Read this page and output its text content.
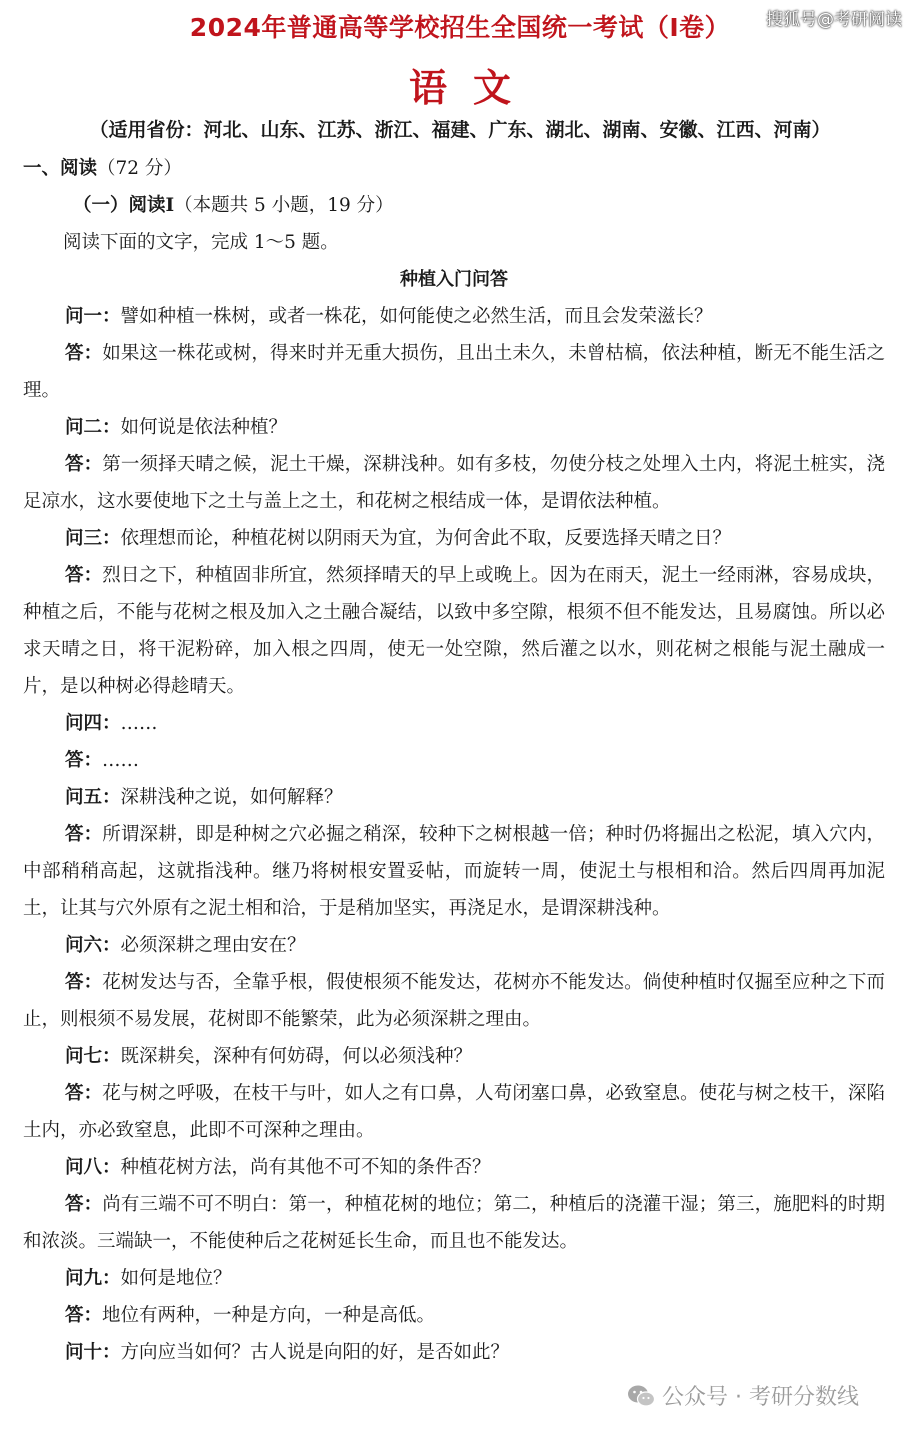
2024年普通高等学校招生全国统一考试（Ⅰ卷）	搜狐号@考研阅读
语文
（适用省份：河北、山东、江苏、浙江、福建、广东、湖北、湖南、安徽、江西、河南）
一、阅读（72 分）
（一）阅读Ⅰ（本题共 5 小题，19 分）
阅读下面的文字，完成 1～5 题。
种植入门问答
问一：譬如种植一株树，或者一株花，如何能使之必然生活，而且会发荣滋长？
答：如果这一株花或树，得来时并无重大损伤，且出土未久，未曾枯槁，依法种植，断无不能生活之理。
问二：如何说是依法种植？
答：第一须择天晴之候，泥土干燥，深耕浅种。如有多枝，勿使分枝之处埋入土内，将泥土桩实，浇足凉水，这水要使地下之土与盖上之土，和花树之根结成一体，是谓依法种植。
问三：依理想而论，种植花树以阴雨天为宜，为何舍此不取，反要选择天晴之日？
答：烈日之下，种植固非所宜，然须择晴天的早上或晚上。因为在雨天，泥土一经雨淋，容易成块，种植之后，不能与花树之根及加入之土融合凝结，以致中多空隙，根须不但不能发达，且易腐蚀。所以必求天晴之日，将干泥粉碎，加入根之四周，使无一处空隙，然后灌之以水，则花树之根能与泥土融成一片，是以种树必得趁晴天。
问四：……
答：……
问五：深耕浅种之说，如何解释？
答：所谓深耕，即是种树之穴必掘之稍深，较种下之树根越一倍；种时仍将掘出之松泥，填入穴内，中部稍稍高起，这就指浅种。继乃将树根安置妥帖，而旋转一周，使泥土与根相和洽。然后四周再加泥土，让其与穴外原有之泥土相和洽，于是稍加坚实，再浇足水，是谓深耕浅种。
问六：必须深耕之理由安在？
答：花树发达与否，全靠乎根，假使根须不能发达，花树亦不能发达。倘使种植时仅掘至应种之下而止，则根须不易发展，花树即不能繁荣，此为必须深耕之理由。
问七：既深耕矣，深种有何妨碍，何以必须浅种？
答：花与树之呼吸，在枝干与叶，如人之有口鼻，人苟闭塞口鼻，必致窒息。使花与树之枝干，深陷土内，亦必致窒息，此即不可深种之理由。
问八：种植花树方法，尚有其他不可不知的条件否？
答：尚有三端不可不明白：第一，种植花树的地位；第二，种植后的浇灌干湿；第三，施肥料的时期和浓淡。三端缺一，不能使种后之花树延长生命，而且也不能发达。
问九：如何是地位？
答：地位有两种，一种是方向，一种是高低。
问十：方向应当如何？古人说是向阳的好，是否如此？
公众号 · 考研分数线
